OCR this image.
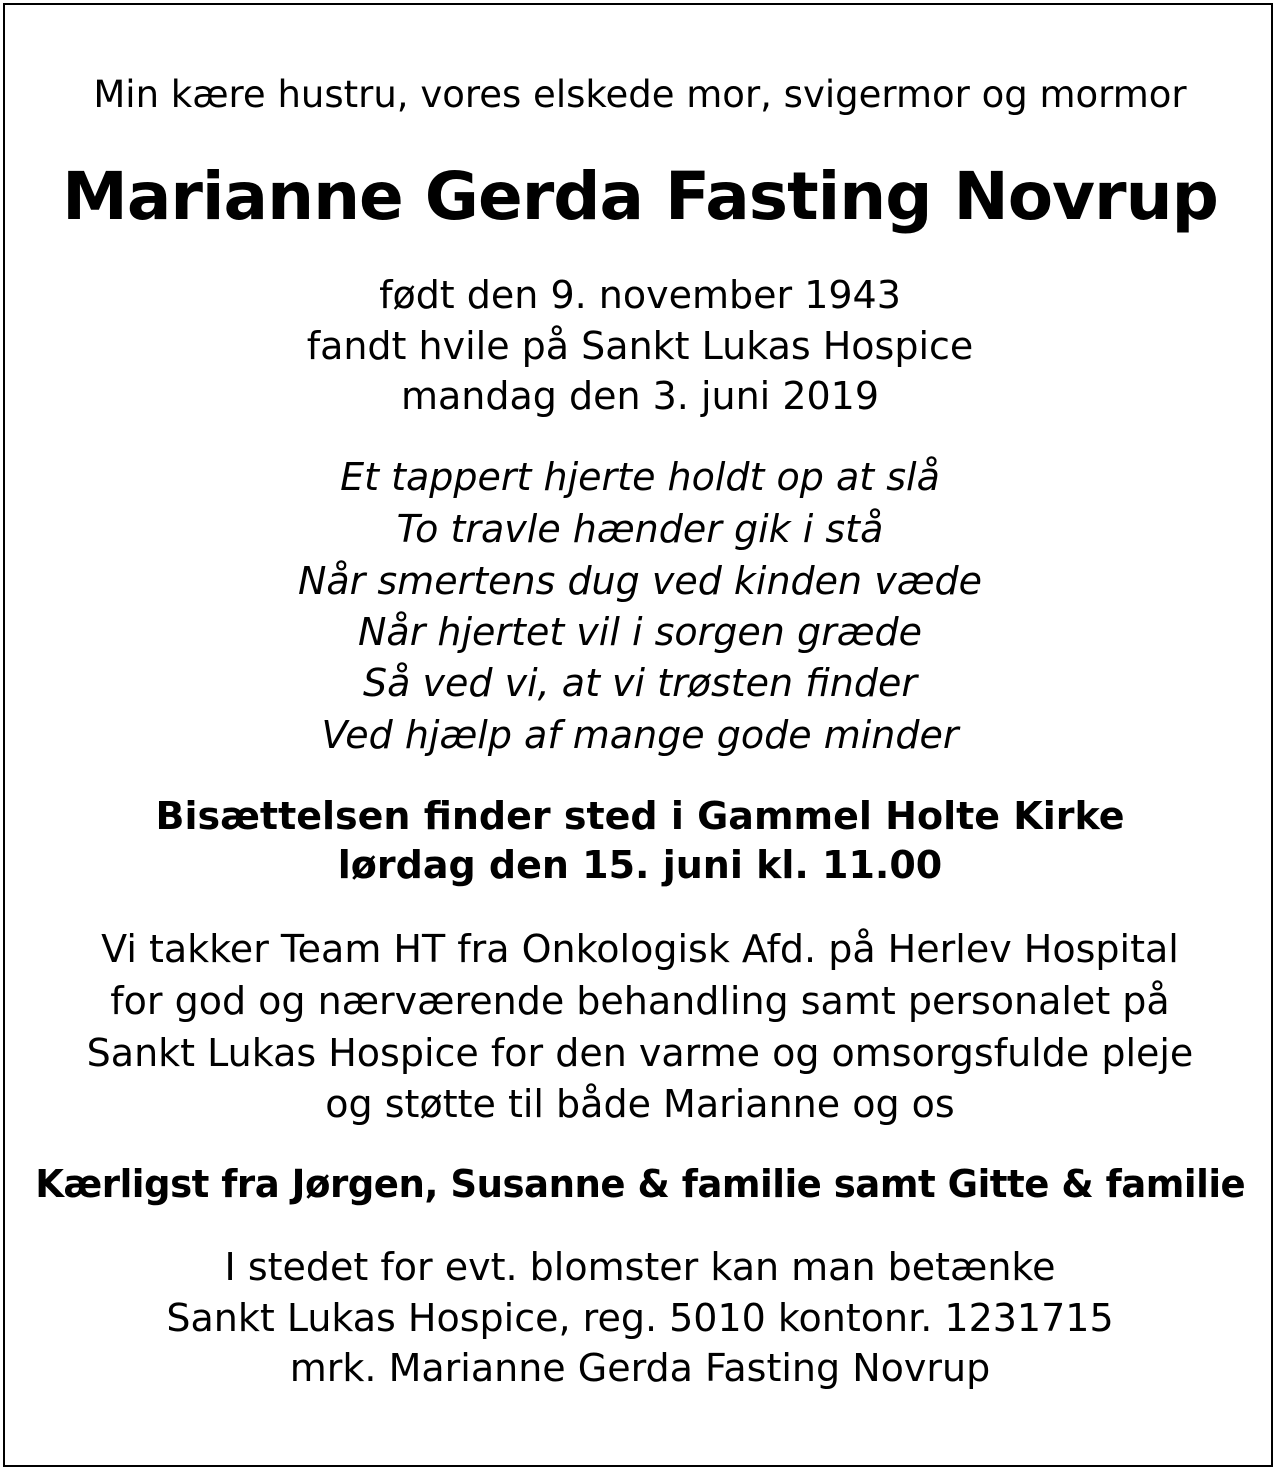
Min kære hustru, vores elskede mor, svigermor og mormor
Marianne Gerda Fasting Novrup
født den 9. november 1943
fandt hvile på Sankt Lukas Hospice
mandag den 3. juni 2019
Et tappert hjerte holdt op at slå
To travle hænder gik i stå
Når smertens dug ved kinden væde
Når hjertet vil i sorgen græde
Så ved vi, at vi trøsten finder
Ved hjælp af mange gode minder
Bisættelsen finder sted i Gammel Holte Kirke
lørdag den 15. juni kl. 11.00
Vi takker Team HT fra Onkologisk Afd. på Herlev Hospital
for god og nærværende behandling samt personalet på
Sankt Lukas Hospice for den varme og omsorgsfulde pleje
og støtte til både Marianne og os
Kærligst fra Jørgen, Susanne & familie samt Gitte & familie
I stedet for evt. blomster kan man betænke
Sankt Lukas Hospice, reg. 5010 kontonr. 1231715
mrk. Marianne Gerda Fasting Novrup
